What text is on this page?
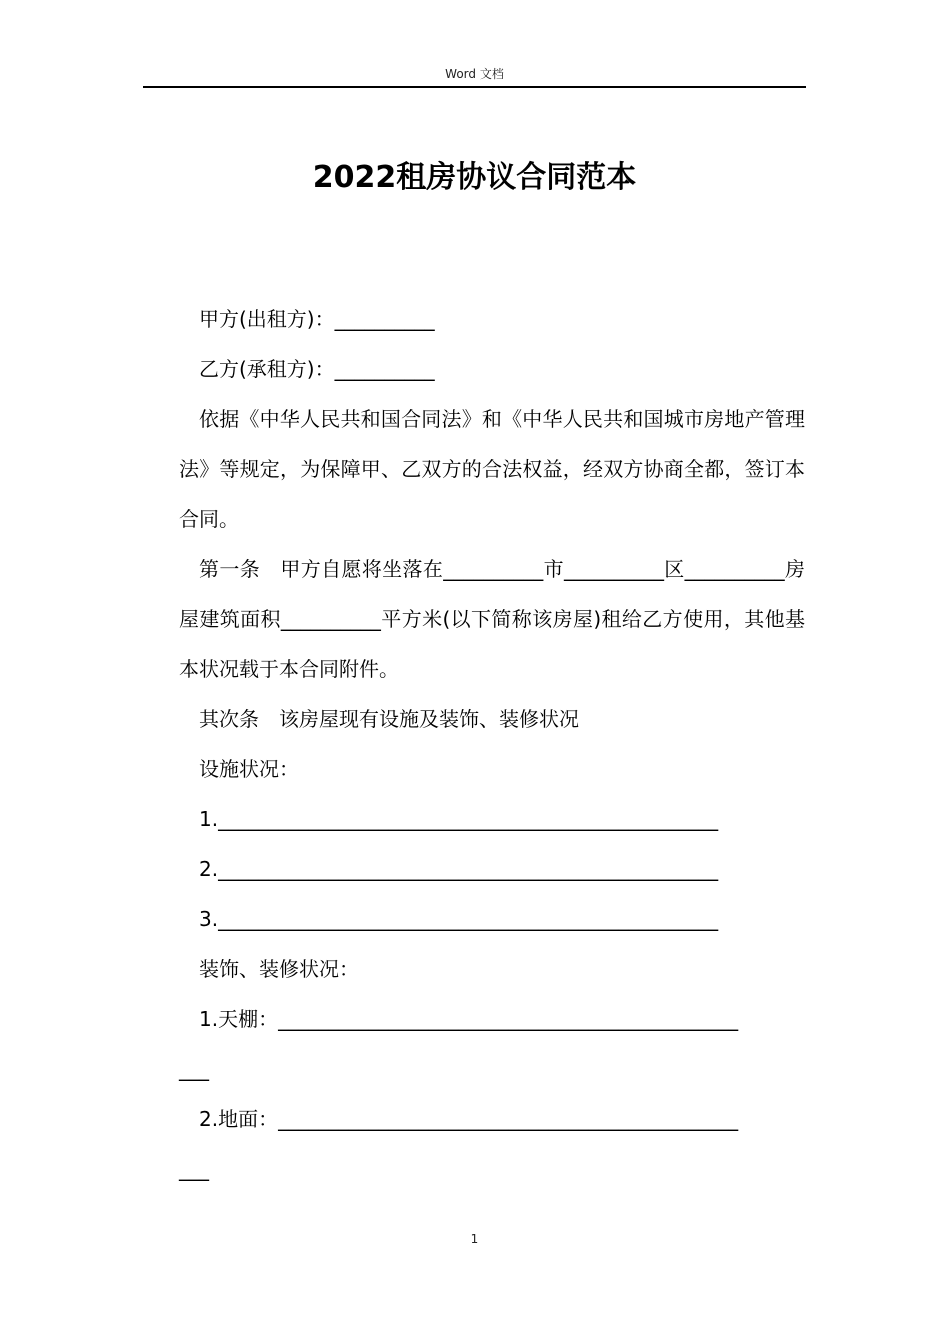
Word 文档
2022租房协议合同范本

甲方(出租方)：__________

乙方(承租方)：__________

依据《中华人民共和国合同法》和《中华人民共和国城市房地产管理法》等规定，为保障甲、乙双方的合法权益，经双方协商全都，签订本合同。

第一条　甲方自愿将坐落在__________市__________区__________房屋建筑面积__________平方米(以下简称该房屋)租给乙方使用，其他基本状况载于本合同附件。

其次条　该房屋现有设施及装饰、装修状况

设施状况：

1.__________________________________________________

2.__________________________________________________

3.__________________________________________________

装饰、装修状况：

1.天棚：______________________________________________

___

2.地面：______________________________________________

___

1
